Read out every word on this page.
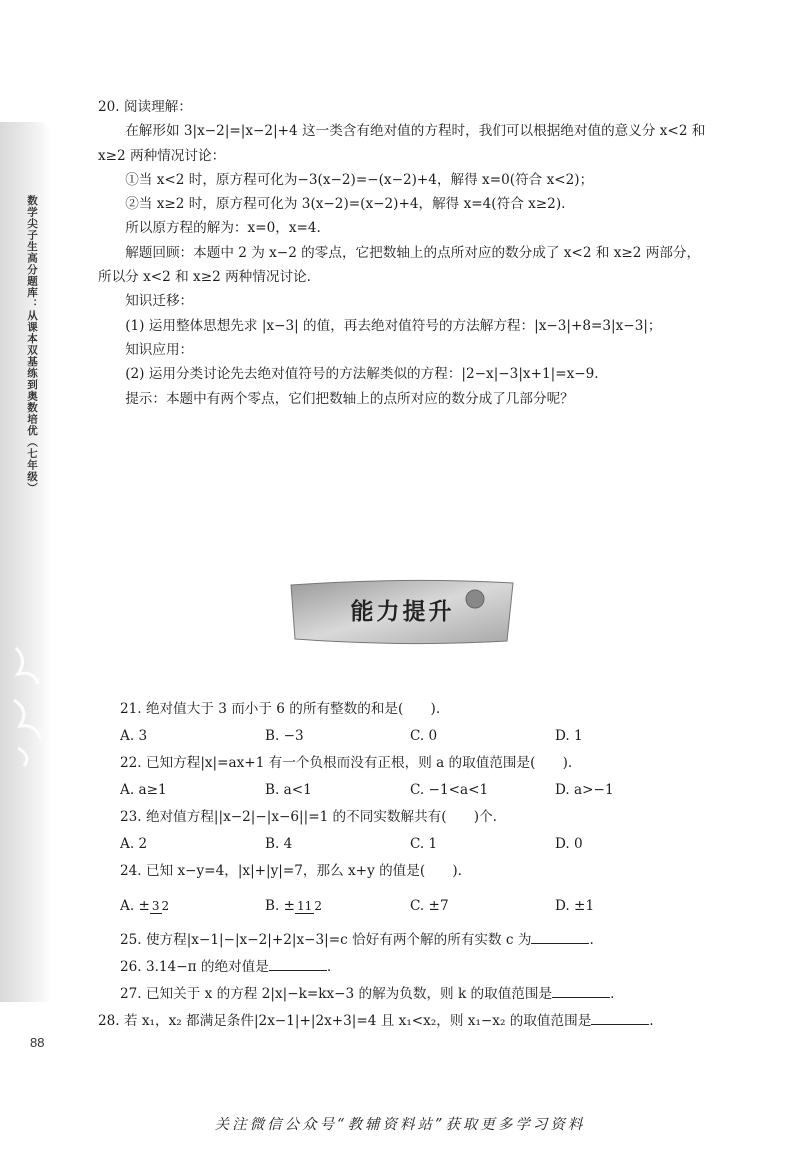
数学尖子生高分题库：从课本双基练到奥数培优（七年级）
88

20. 阅读理解：

在解形如 3|x−2|=|x−2|+4 这一类含有绝对值的方程时，我们可以根据绝对值的意义分 x<2 和 x≥2 两种情况讨论：

①当 x<2 时，原方程可化为−3(x−2)=−(x−2)+4，解得 x=0(符合 x<2)；

②当 x≥2 时，原方程可化为 3(x−2)=(x−2)+4，解得 x=4(符合 x≥2).

所以原方程的解为：x=0，x=4.

解题回顾：本题中 2 为 x−2 的零点，它把数轴上的点所对应的数分成了 x<2 和 x≥2 两部分，所以分 x<2 和 x≥2 两种情况讨论.

知识迁移：

(1) 运用整体思想先求 |x−3| 的值，再去绝对值符号的方法解方程：|x−3|+8=3|x−3|；

知识应用：

(2) 运用分类讨论先去绝对值符号的方法解类似的方程：|2−x|−3|x+1|=x−9.

提示：本题中有两个零点，它们把数轴上的点所对应的数分成了几部分呢？

能力提升

21. 绝对值大于 3 而小于 6 的所有整数的和是(　　).

A. 3	B. −3	C. 0	D. 1

22. 已知方程|x|=ax+1 有一个负根而没有正根，则 a 的取值范围是(　　).

A. a≥1	B. a<1	C. −1<a<1	D. a>−1

23. 绝对值方程||x−2|−|x−6||=1 的不同实数解共有(　　)个.

A. 2	B. 4	C. 1	D. 0

24. 已知 x−y=4，|x|+|y|=7，那么 x+y 的值是(　　).

A. ± 3 2	B. ± 11 2	C. ±7	D. ±1

25. 使方程|x−1|−|x−2|+2|x−3|=c 恰好有两个解的所有实数 c 为	.

26. 3.14−π 的绝对值是	.

27. 已知关于 x 的方程 2|x|−k=kx−3 的解为负数，则 k 的取值范围是	.

28. 若 x₁，x₂ 都满足条件|2x−1|+|2x+3|=4 且 x₁<x₂，则 x₁−x₂ 的取值范围是	.

关注微信公众号“教辅资料站”获取更多学习资料
